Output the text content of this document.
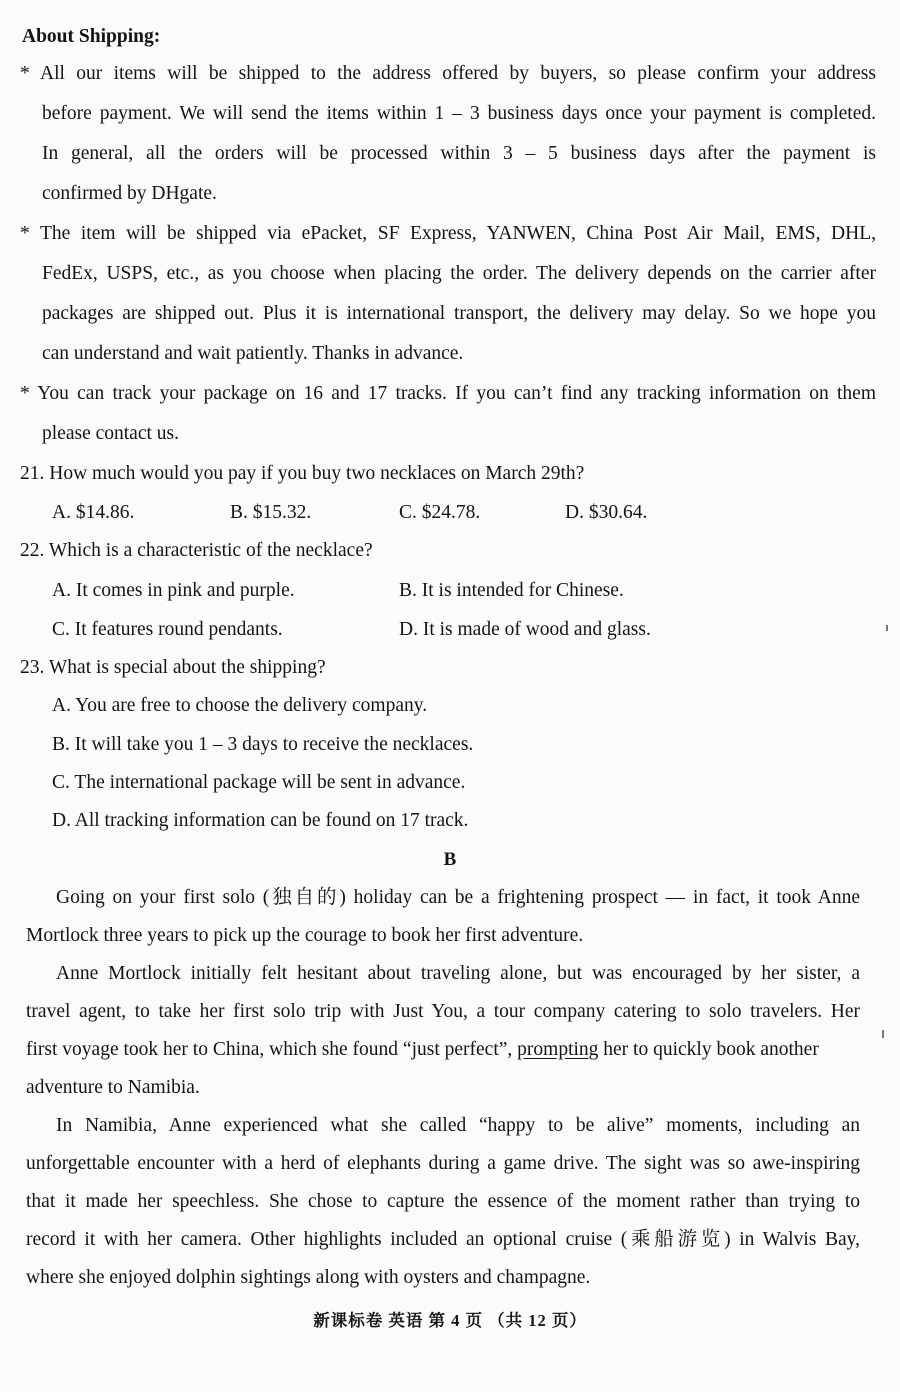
About Shipping:
* All our items will be shipped to the address offered by buyers, so please confirm your address
before payment. We will send the items within 1 – 3 business days once your payment is completed.
In general, all the orders will be processed within 3 – 5 business days after the payment is
confirmed by DHgate.
* The item will be shipped via ePacket, SF Express, YANWEN, China Post Air Mail, EMS, DHL,
FedEx, USPS, etc., as you choose when placing the order. The delivery depends on the carrier after
packages are shipped out. Plus it is international transport, the delivery may delay. So we hope you
can understand and wait patiently. Thanks in advance.
* You can track your package on 16 and 17 tracks. If you can’t find any tracking information on them
please contact us.
21. How much would you pay if you buy two necklaces on March 29th?
A. $14.86.	B. $15.32.	C. $24.78.	D. $30.64.
22. Which is a characteristic of the necklace?
A. It comes in pink and purple.	B. It is intended for Chinese.
C. It features round pendants.	D. It is made of wood and glass.
23. What is special about the shipping?
A. You are free to choose the delivery company.
B. It will take you 1 – 3 days to receive the necklaces.
C. The international package will be sent in advance.
D. All tracking information can be found on 17 track.
B
Going on your first solo (独自的) holiday can be a frightening prospect — in fact, it took Anne
Mortlock three years to pick up the courage to book her first adventure.
Anne Mortlock initially felt hesitant about traveling alone, but was encouraged by her sister, a
travel agent, to take her first solo trip with Just You, a tour company catering to solo travelers. Her
first voyage took her to China, which she found “just perfect”, prompting her to quickly book another
adventure to Namibia.
In Namibia, Anne experienced what she called “happy to be alive” moments, including an
unforgettable encounter with a herd of elephants during a game drive. The sight was so awe-inspiring
that it made her speechless. She chose to capture the essence of the moment rather than trying to
record it with her camera. Other highlights included an optional cruise (乘船游览) in Walvis Bay,
where she enjoyed dolphin sightings along with oysters and champagne.
新课标卷 英语 第 4 页 （共 12 页）
